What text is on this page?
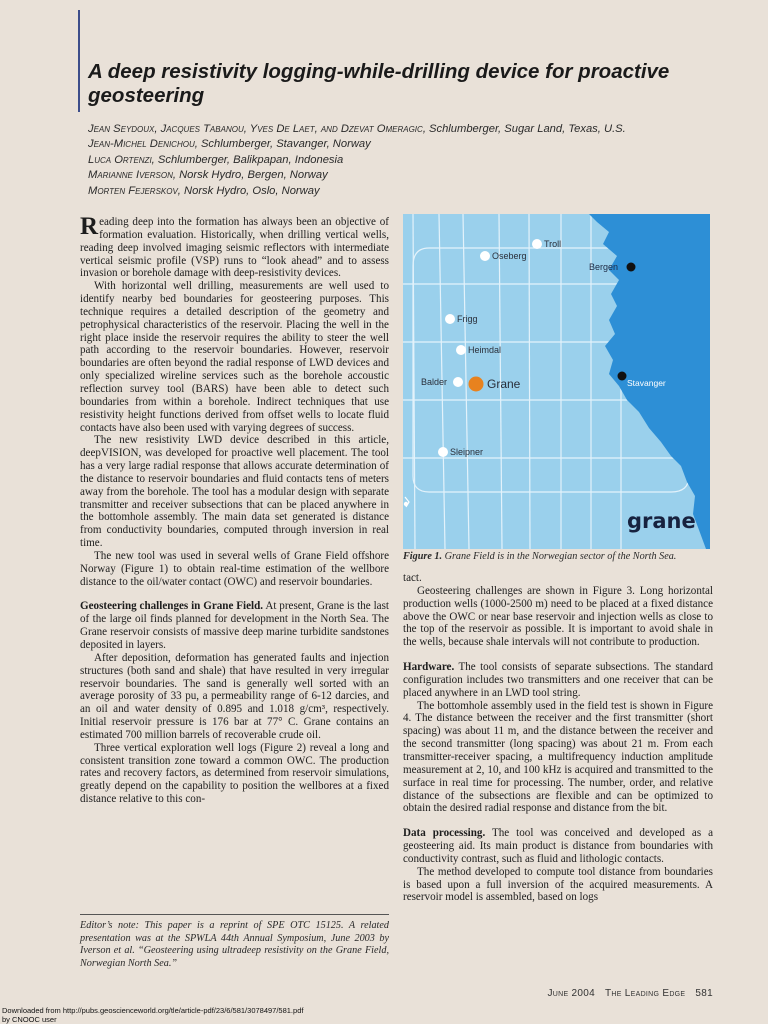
A deep resistivity logging-while-drilling device for proactive geosteering
Jean Seydoux, Jacques Tabanou, Yves De Laet, and Dzevat Omeragic, Schlumberger, Sugar Land, Texas, U.S.
Jean-Michel Denichou, Schlumberger, Stavanger, Norway
Luca Ortenzi, Schlumberger, Balikpapan, Indonesia
Marianne Iverson, Norsk Hydro, Bergen, Norway
Morten Fejerskov, Norsk Hydro, Oslo, Norway

Reading deep into the formation has always been an objective of formation evaluation. Historically, when drilling vertical wells, reading deep involved imaging seismic reflectors with intermediate vertical seismic profile (VSP) runs to “look ahead” and to assess invasion or borehole damage with deep-resistivity devices.

With horizontal well drilling, measurements are well used to identify nearby bed boundaries for geosteering purposes. This technique requires a detailed description of the geometry and petrophysical characteristics of the reservoir. Placing the well in the right place inside the reservoir requires the ability to steer the well path according to the reservoir boundaries. However, reservoir boundaries are often beyond the radial response of LWD devices and only specialized wireline services such as the borehole accoustic reflection survey tool (BARS) have been able to detect such boundaries from within a borehole. Indirect techniques that use resistivity height functions derived from offset wells to locate fluid contacts have also been used with varying degrees of success.

The new resistivity LWD device described in this article, deepVISION, was developed for proactive well placement. The tool has a very large radial response that allows accurate determination of the distance to reservoir boundaries and fluid contacts tens of meters away from the borehole. The tool has a modular design with separate transmitter and receiver subsections that can be placed anywhere in the bottomhole assembly. The main data set generated is distance from conductivity boundaries, computed through inversion in real time.

The new tool was used in several wells of Grane Field offshore Norway (Figure 1) to obtain real-time estimation of the wellbore distance to the oil/water contact (OWC) and reservoir boundaries.

Geosteering challenges in Grane Field. At present, Grane is the last of the large oil finds planned for development in the North Sea. The Grane reservoir consists of massive deep marine turbidite sandstones deposited in layers.

After deposition, deformation has generated faults and injection structures (both sand and shale) that have resulted in very irregular reservoir boundaries. The sand is generally well sorted with an average porosity of 33 pu, a permeability range of 6-12 darcies, and an oil and water density of 0.895 and 1.018 g/cm³, respectively. Initial reservoir pressure is 176 bar at 77° C. Grane contains an estimated 700 million barrels of recoverable crude oil.

Three vertical exploration well logs (Figure 2) reveal a long and consistent transition zone toward a common OWC. The production rates and recovery factors, as determined from reservoir simulations, greatly depend on the capability to position the wellbores at a fixed distance relative to this con-

Editor’s note: This paper is a reprint of SPE OTC 15125. A related presentation was at the SPWLA 44th Annual Symposium, June 2003 by Iverson et al. “Geosteering using ultradeep resistivity on the Grane Field, Norwegian North Sea.”
Troll
Oseberg
Frigg
Heimdal
Balder	Grane
Sleipner
Bergen
Stavanger
grane
Figure 1. Grane Field is in the Norwegian sector of the North Sea.

tact.

Geosteering challenges are shown in Figure 3. Long horizontal production wells (1000-2500 m) need to be placed at a fixed distance above the OWC or near base reservoir and injection wells as close to the top of the reservoir as possible. It is important to avoid shale in the wells, because shale intervals will not contribute to production.

Hardware. The tool consists of separate subsections. The standard configuration includes two transmitters and one receiver that can be placed anywhere in an LWD tool string.

The bottomhole assembly used in the field test is shown in Figure 4. The distance between the receiver and the first transmitter (short spacing) was about 11 m, and the distance between the receiver and the second transmitter (long spacing) was about 21 m. From each transmitter-receiver spacing, a multifrequency induction amplitude measurement at 2, 10, and 100 kHz is acquired and transmitted to the surface in real time for processing. The number, order, and relative distance of the subsections are flexible and can be optimized to obtain the desired radial response and distance from the bit.

Data processing. The tool was conceived and developed as a geosteering aid. Its main product is distance from boundaries with conductivity contrast, such as fluid and lithologic contacts.

The method developed to compute tool distance from boundaries is based upon a full inversion of the acquired measurements. A reservoir model is assembled, based on logs

June 2004 The Leading Edge 581
Downloaded from http://pubs.geoscienceworld.org/tle/article-pdf/23/6/581/3078497/581.pdf
by CNOOC user
